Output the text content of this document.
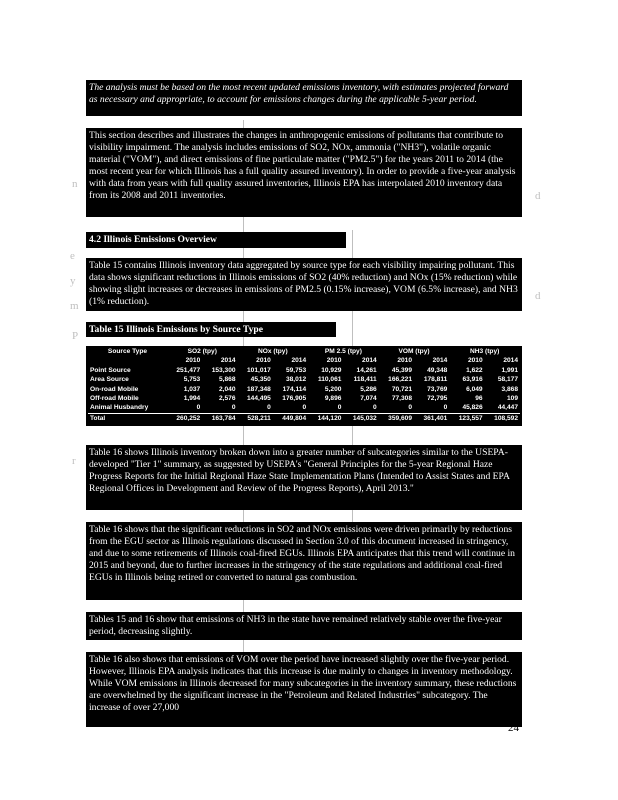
n
e
y
m
P
r
d
d

The analysis must be based on the most recent updated emissions inventory, with estimates projected forward as necessary and appropriate, to account for emissions changes during the applicable 5-year period.

This section describes and illustrates the changes in anthropogenic emissions of pollutants that contribute to visibility impairment. The analysis includes emissions of SO2, NOx, ammonia ("NH3"), volatile organic material ("VOM"), and direct emissions of fine particulate matter ("PM2.5") for the years 2011 to 2014 (the most recent year for which Illinois has a full quality assured inventory). In order to provide a five-year analysis with data from years with full quality assured inventories, Illinois EPA has interpolated 2010 inventory data from its 2008 and 2011 inventories.

4.2 Illinois Emissions Overview

Table 15 contains Illinois inventory data aggregated by source type for each visibility impairing pollutant. This data shows significant reductions in Illinois emissions of SO2 (40% reduction) and NOx (15% reduction) while showing slight increases or decreases in emissions of PM2.5 (0.15% increase), VOM (6.5% increase), and NH3 (1% reduction).

Table 15 Illinois Emissions by Source Type

Source Type	SO2 (tpy)		NOx (tpy)		PM 2.5 (tpy)		VOM (tpy)		NH3 (tpy)	
	2010	2014	2010	2014	2010	2014	2010	2014	2010	2014
Point Source	251,477	153,300	101,017	59,753	10,929	14,261	45,399	49,348	1,622	1,991
Area Source	5,753	5,868	45,350	38,012	110,061	118,411	166,221	178,811	63,916	58,177
On-road Mobile	1,037	2,040	187,348	174,114	5,200	5,286	70,721	73,769	6,049	3,868
Off-road Mobile	1,994	2,576	144,495	176,905	9,896	7,074	77,308	72,795	96	109
Animal Husbandry	0	0	0	0	0	0	0	0	45,826	44,447
Total	260,252	163,784	528,211	449,804	144,120	145,032	359,609	361,401	123,557	108,592

Table 16 shows Illinois inventory broken down into a greater number of subcategories similar to the USEPA-developed "Tier 1" summary, as suggested by USEPA's "General Principles for the 5-year Regional Haze Progress Reports for the Initial Regional Haze State Implementation Plans (Intended to Assist States and EPA Regional Offices in Development and Review of the Progress Reports), April 2013."

Table 16 shows that the significant reductions in SO2 and NOx emissions were driven primarily by reductions from the EGU sector as Illinois regulations discussed in Section 3.0 of this document increased in stringency, and due to some retirements of Illinois coal-fired EGUs. Illinois EPA anticipates that this trend will continue in 2015 and beyond, due to further increases in the stringency of the state regulations and additional coal-fired EGUs in Illinois being retired or converted to natural gas combustion.

Tables 15 and 16 show that emissions of NH3 in the state have remained relatively stable over the five-year period, decreasing slightly.

Table 16 also shows that emissions of VOM over the period have increased slightly over the five-year period. However, Illinois EPA analysis indicates that this increase is due mainly to changes in inventory methodology. While VOM emissions in Illinois decreased for many subcategories in the inventory summary, these reductions are overwhelmed by the significant increase in the "Petroleum and Related Industries" subcategory. The increase of over 27,000

24
